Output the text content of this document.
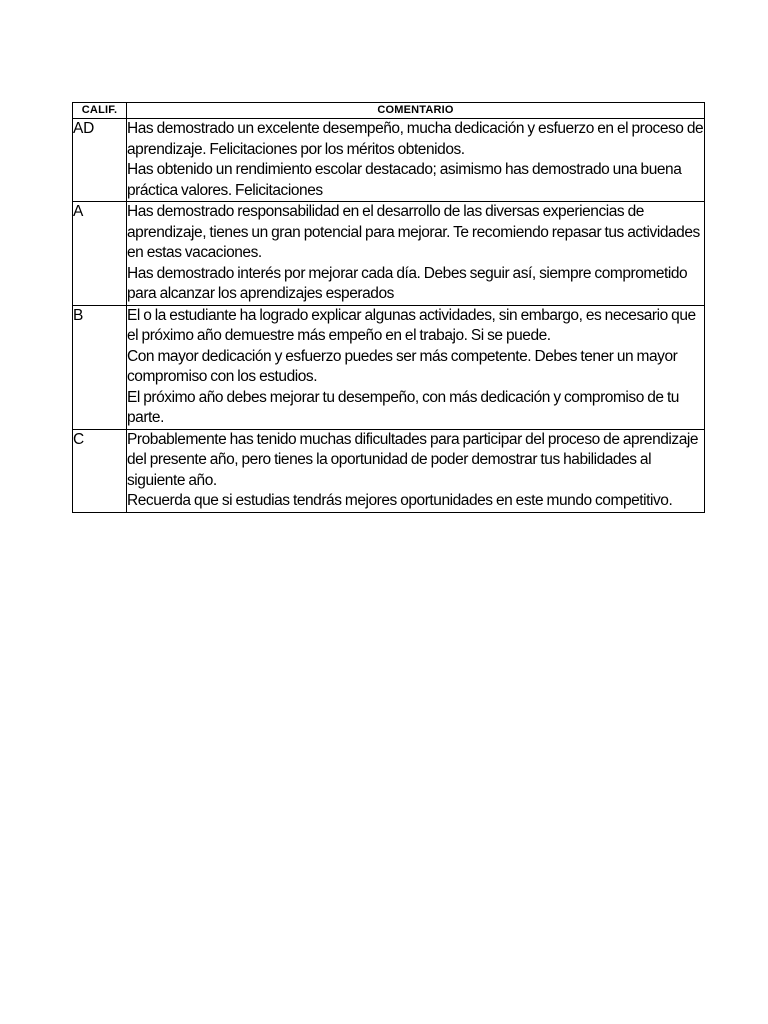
CALIF.	COMENTARIO
AD	Has demostrado un excelente desempeño, mucha dedicación y esfuerzo en el proceso de aprendizaje. Felicitaciones por los méritos obtenidos.
Has obtenido un rendimiento escolar destacado; asimismo has demostrado una buena práctica valores. Felicitaciones

A	Has demostrado responsabilidad en el desarrollo de las diversas experiencias de aprendizaje, tienes un gran potencial para mejorar. Te recomiendo repasar tus actividades en estas vacaciones.
Has demostrado interés por mejorar cada día. Debes seguir así, siempre comprometido para alcanzar los aprendizajes esperados

B	El o la estudiante ha logrado explicar algunas actividades, sin embargo, es necesario que el próximo año demuestre más empeño en el trabajo. Si se puede.
Con mayor dedicación y esfuerzo puedes ser más competente. Debes tener un mayor compromiso con los estudios.
El próximo año debes mejorar tu desempeño, con más dedicación y compromiso de tu parte.

C	Probablemente has tenido muchas dificultades para participar del proceso de aprendizaje del presente año, pero tienes la oportunidad de poder demostrar tus habilidades al siguiente año.
Recuerda que si estudias tendrás mejores oportunidades en este mundo competitivo.
